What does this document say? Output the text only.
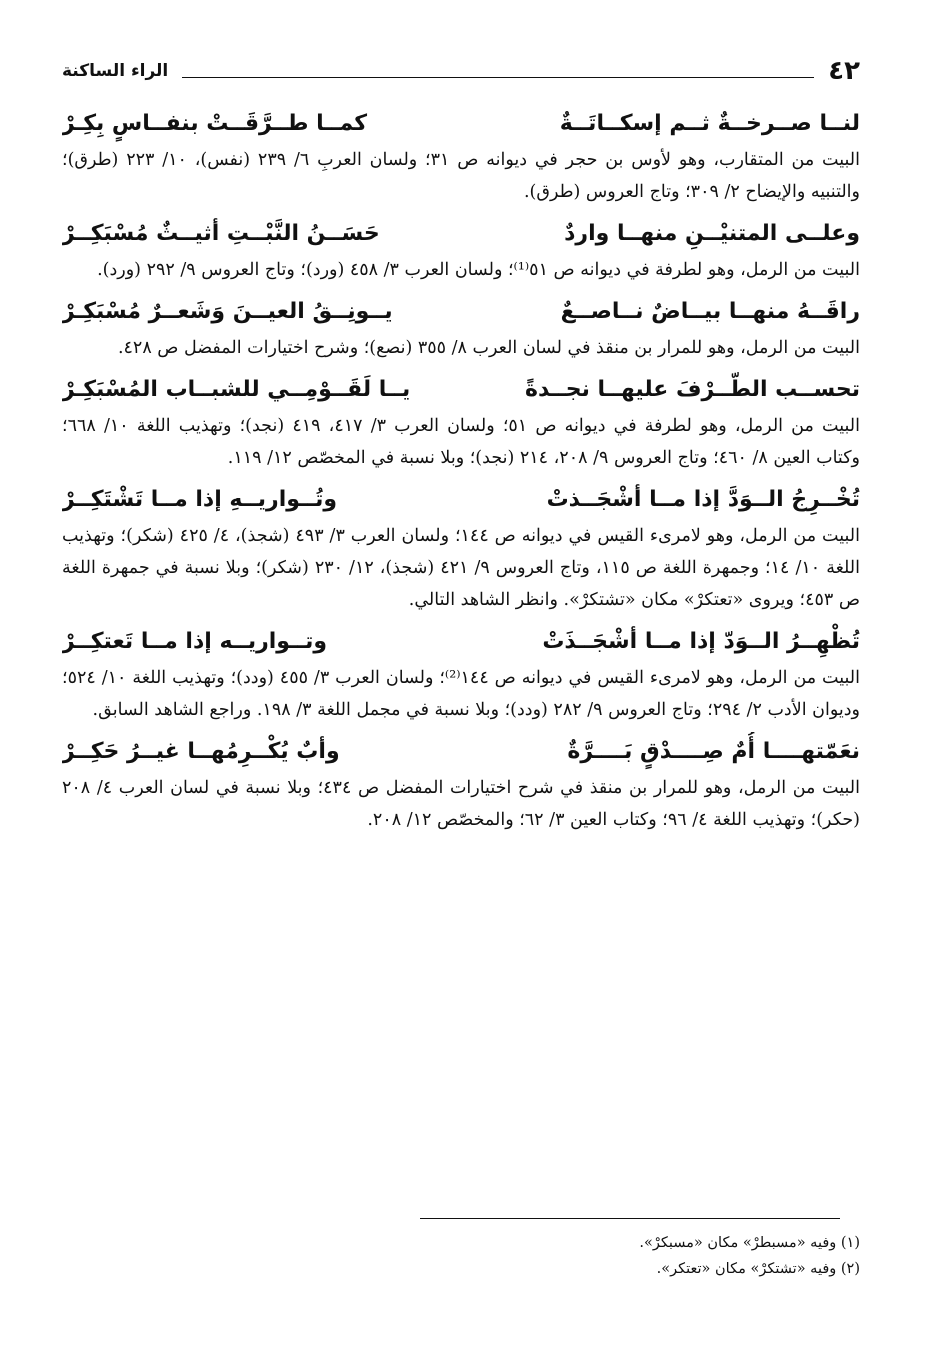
٤٢
الراء الساكنة
لنــا صــرخــةٌ ثــم إسكــاتَــةٌ
كمــا طــرَّقَــتْ بنفــاسٍ بِكِـرْ

البيت من المتقارب، وهو لأوس بن حجر في ديوانه ص ٣١؛ ولسان العربِ ٦/ ٢٣٩ (نفس)، ١٠/ ٢٢٣ (طرق)؛ والتنبيه والإيضاح ٢/ ٣٠٩؛ وتاج العروس (طرق).

وعلــى المتنيْــنِ منهــا واردٌ
حَسَــنُ النَّبْــتِ أثيــثٌ مُسْبَكِــرْ

البيت من الرمل، وهو لطرفة في ديوانه ص ٥١⁽¹⁾؛ ولسان العرب ٣/ ٤٥٨ (ورد)؛ وتاج العروس ٩/ ٢٩٢ (ورد).

راقَــهُ منهــا بيــاضٌ نــاصــعٌ
يــونِــقُ العيــنَ وَشَعــرٌ مُسْبَكِـرْ

البيت من الرمل، وهو للمرار بن منقذ في لسان العرب ٨/ ٣٥٥ (نصع)؛ وشرح اختيارات المفضل ص ٤٢٨.

تحســب الطّــرْفَ عليهــا نجــدةً
يــا لَقَــوْمِــي للشبــاب المُسْبَكِـرْ

البيت من الرمل، وهو لطرفة في ديوانه ص ٥١؛ ولسان العرب ٣/ ٤١٧، ٤١٩ (نجد)؛ وتهذيب اللغة ١٠/ ٦٦٨؛ وكتاب العين ٨/ ٤٦٠؛ وتاج العروس ٩/ ٢٠٨، ٢١٤ (نجد)؛ وبلا نسبة في المخصّص ١٢/ ١١٩.

تُخْــرِجُ الــوَدَّ إذا مــا أشْجَــذتْ
وتُــواريــهِ إذا مــا تَشْتَكِــرْ

البيت من الرمل، وهو لامرىء القيس في ديوانه ص ١٤٤؛ ولسان العرب ٣/ ٤٩٣ (شجذ)، ٤/ ٤٢٥ (شكر)؛ وتهذيب اللغة ١٠/ ١٤؛ وجمهرة اللغة ص ١١٥، وتاج العروس ٩/ ٤٢١ (شجذ)، ١٢/ ٢٣٠ (شكر)؛ وبلا نسبة في جمهرة اللغة ص ٤٥٣؛ ويروى «تعتكرْ» مكان «تشتكرْ». وانظر الشاهد التالي.

تُظْهِــرُ الــوَدّ إذا مــا أشْجَــذَتْ
وتــواريــه إذا مــا تَعتكِــرْ

البيت من الرمل، وهو لامرىء القيس في ديوانه ص ١٤٤⁽²⁾؛ ولسان العرب ٣/ ٤٥٥ (ودد)؛ وتهذيب اللغة ١٠/ ٥٢٤؛ وديوان الأدب ٢/ ٢٩٤؛ وتاج العروس ٩/ ٢٨٢ (ودد)؛ وبلا نسبة في مجمل اللغة ٣/ ١٩٨. وراجع الشاهد السابق.

نعَمّتهــــا أُمٌ صِــــدْقٍ بَــــرَّةٌ
وأبٌ يُكْــرِمُهــا غيــرُ حَكِــرْ

البيت من الرمل، وهو للمرار بن منقذ في شرح اختيارات المفضل ص ٤٣٤؛ وبلا نسبة في لسان العرب ٤/ ٢٠٨ (حكر)؛ وتهذيب اللغة ٤/ ٩٦؛ وكتاب العين ٣/ ٦٢؛ والمخصّص ١٢/ ٢٠٨.

(١) وفيه «مسبطرْ» مكان «مسبكرْ».
(٢) وفيه «تشتكرْ» مكان «تعتكر».
